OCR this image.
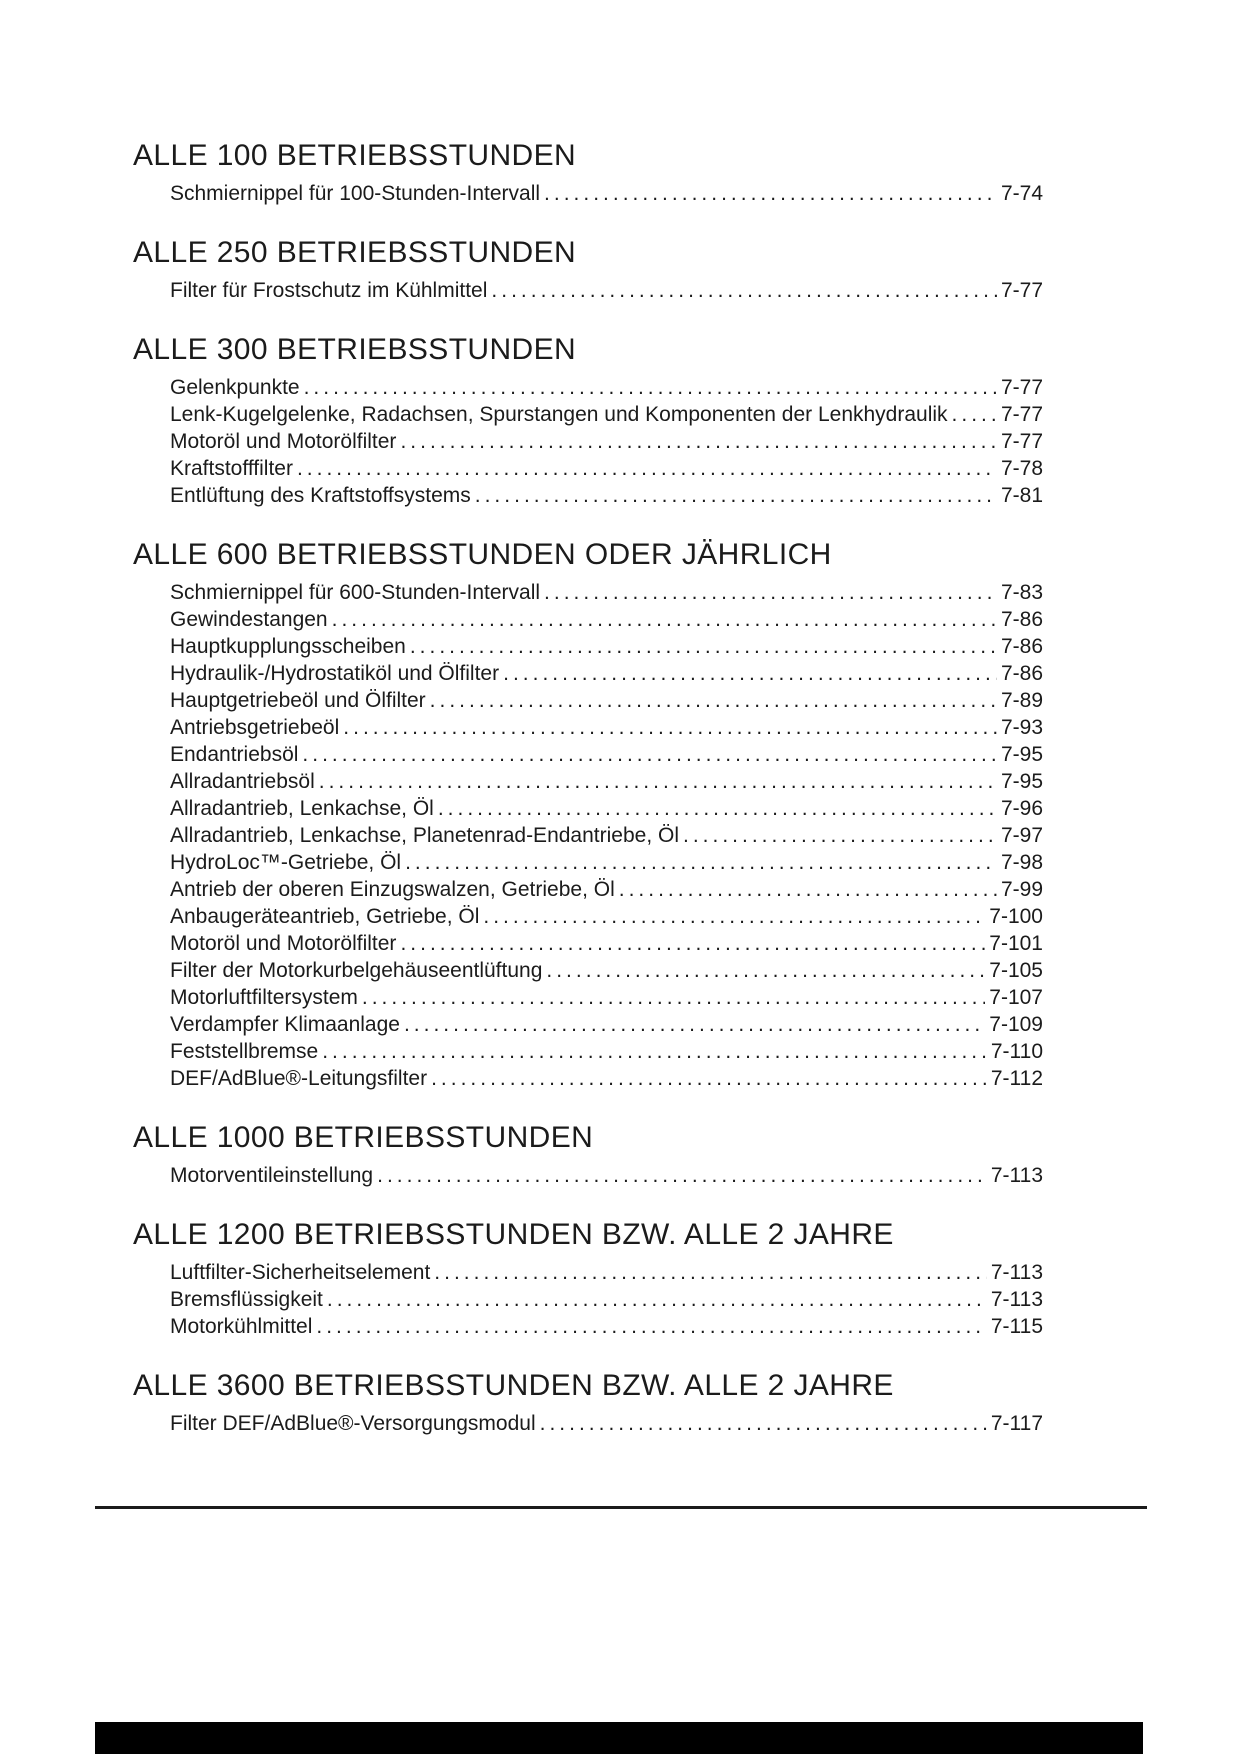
ALLE 100 BETRIEBSSTUNDEN
Schmiernippel für 100-Stunden-Intervall .....	7-74
ALLE 250 BETRIEBSSTUNDEN
Filter für Frostschutz im Kühlmittel .....	7-77
ALLE 300 BETRIEBSSTUNDEN
Gelenkpunkte .....	7-77
Lenk-Kugelgelenke, Radachsen, Spurstangen und Komponenten der Lenkhydraulik .....	7-77
Motoröl und Motorölfilter .....	7-77
Kraftstofffilter .....	7-78
Entlüftung des Kraftstoffsystems .....	7-81
ALLE 600 BETRIEBSSTUNDEN ODER JÄHRLICH
Schmiernippel für 600-Stunden-Intervall .....	7-83
Gewindestangen .....	7-86
Hauptkupplungsscheiben .....	7-86
Hydraulik-/Hydrostatiköl und Ölfilter .....	7-86
Hauptgetriebeöl und Ölfilter .....	7-89
Antriebsgetriebeöl .....	7-93
Endantriebsöl .....	7-95
Allradantriebsöl .....	7-95
Allradantrieb, Lenkachse, Öl .....	7-96
Allradantrieb, Lenkachse, Planetenrad-Endantriebe, Öl .....	7-97
HydroLoc™-Getriebe, Öl .....	7-98
Antrieb der oberen Einzugswalzen, Getriebe, Öl .....	7-99
Anbaugeräteantrieb, Getriebe, Öl .....	7-100
Motoröl und Motorölfilter .....	7-101
Filter der Motorkurbelgehäuseentlüftung .....	7-105
Motorluftfiltersystem .....	7-107
Verdampfer Klimaanlage .....	7-109
Feststellbremse .....	7-110
DEF/AdBlue®-Leitungsfilter .....	7-112
ALLE 1000 BETRIEBSSTUNDEN
Motorventileinstellung .....	7-113
ALLE 1200 BETRIEBSSTUNDEN BZW. ALLE 2 JAHRE
Luftfilter-Sicherheitselement .....	7-113
Bremsflüssigkeit .....	7-113
Motorkühlmittel .....	7-115
ALLE 3600 BETRIEBSSTUNDEN BZW. ALLE 2 JAHRE
Filter DEF/AdBlue®-Versorgungsmodul .....	7-117
